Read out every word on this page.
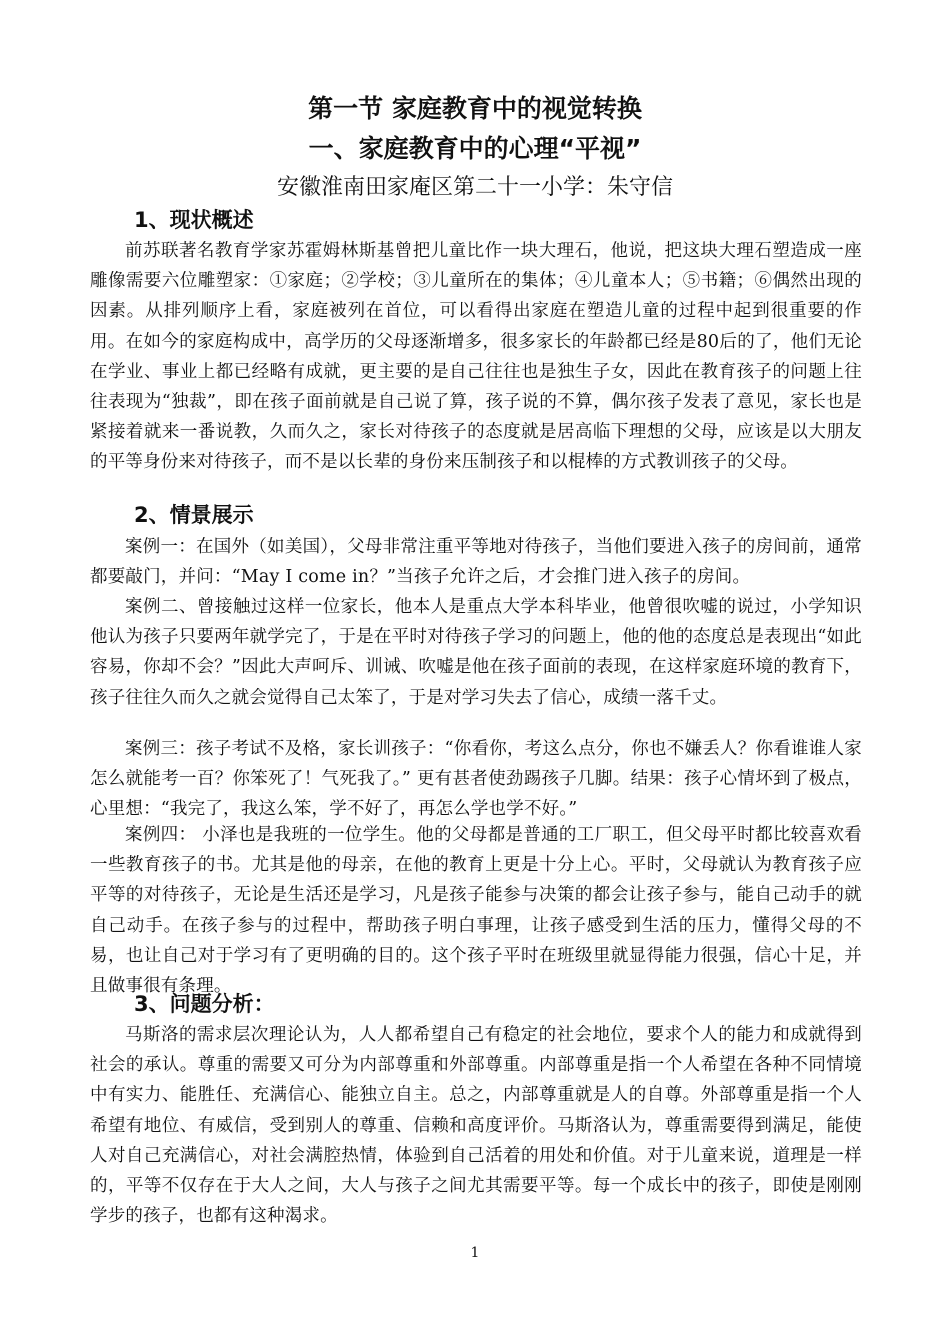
第一节 家庭教育中的视觉转换
一、家庭教育中的心理“平视”
安徽淮南田家庵区第二十一小学：朱守信
1、现状概述

前苏联著名教育学家苏霍姆林斯基曾把儿童比作一块大理石，他说，把这块大理石塑造成一座雕像需要六位雕塑家：①家庭；②学校；③儿童所在的集体；④儿童本人；⑤书籍；⑥偶然出现的因素。从排列顺序上看，家庭被列在首位，可以看得出家庭在塑造儿童的过程中起到很重要的作用。在如今的家庭构成中，高学历的父母逐渐增多，很多家长的年龄都已经是80后的了，他们无论在学业、事业上都已经略有成就，更主要的是自己往往也是独生子女，因此在教育孩子的问题上往往表现为“独裁”，即在孩子面前就是自己说了算，孩子说的不算，偶尔孩子发表了意见，家长也是紧接着就来一番说教，久而久之，家长对待孩子的态度就是居高临下理想的父母，应该是以大朋友的平等身份来对待孩子，而不是以长辈的身份来压制孩子和以棍棒的方式教训孩子的父母。

2、情景展示

案例一：在国外（如美国），父母非常注重平等地对待孩子，当他们要进入孩子的房间前，通常都要敲门，并问：“May I come in？”当孩子允许之后，才会推门进入孩子的房间。

案例二、曾接触过这样一位家长，他本人是重点大学本科毕业，他曾很吹嘘的说过，小学知识他认为孩子只要两年就学完了，于是在平时对待孩子学习的问题上，他的他的态度总是表现出“如此容易，你却不会？”因此大声呵斥、训诫、吹嘘是他在孩子面前的表现，在这样家庭环境的教育下，孩子往往久而久之就会觉得自己太笨了，于是对学习失去了信心，成绩一落千丈。

案例三：孩子考试不及格，家长训孩子：“你看你，考这么点分，你也不嫌丢人？你看谁谁人家怎么就能考一百？你笨死了！气死我了。” 更有甚者使劲踢孩子几脚。结果：孩子心情坏到了极点，心里想：“我完了，我这么笨，学不好了，再怎么学也学不好。”

案例四： 小泽也是我班的一位学生。他的父母都是普通的工厂职工，但父母平时都比较喜欢看一些教育孩子的书。尤其是他的母亲，在他的教育上更是十分上心。平时，父母就认为教育孩子应平等的对待孩子，无论是生活还是学习，凡是孩子能参与决策的都会让孩子参与，能自己动手的就自己动手。在孩子参与的过程中，帮助孩子明白事理，让孩子感受到生活的压力，懂得父母的不易，也让自己对于学习有了更明确的目的。这个孩子平时在班级里就显得能力很强，信心十足，并且做事很有条理。

3、问题分析：

马斯洛的需求层次理论认为，人人都希望自己有稳定的社会地位，要求个人的能力和成就得到社会的承认。尊重的需要又可分为内部尊重和外部尊重。内部尊重是指一个人希望在各种不同情境中有实力、能胜任、充满信心、能独立自主。总之，内部尊重就是人的自尊。外部尊重是指一个人希望有地位、有威信，受到别人的尊重、信赖和高度评价。马斯洛认为，尊重需要得到满足，能使人对自己充满信心，对社会满腔热情，体验到自己活着的用处和价值。对于儿童来说，道理是一样的，平等不仅存在于大人之间，大人与孩子之间尤其需要平等。每一个成长中的孩子，即使是刚刚学步的孩子，也都有这种渴求。

1
